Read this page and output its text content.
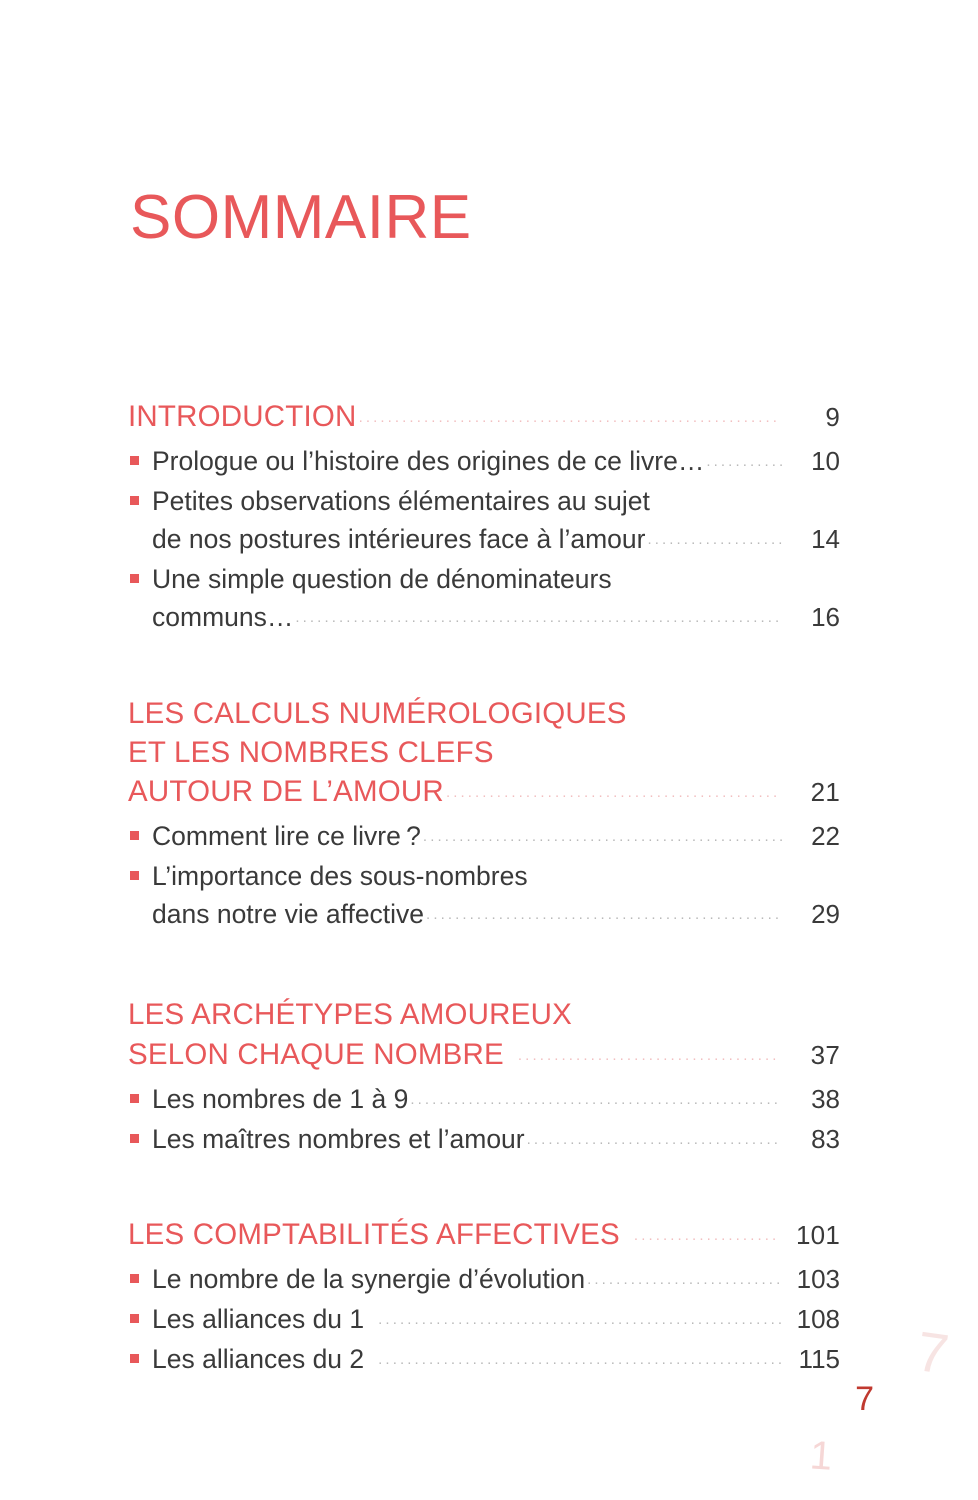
SOMMAIRE
INTRODUCTION .....	9
Prologue ou l’histoire des origines de ce livre… .....	10
Petites observations élémentaires au sujet
de nos postures intérieures face à l’amour .....	14
Une simple question de dénominateurs
communs… .....	16
LES CALCULS NUMÉROLOGIQUES
ET LES NOMBRES CLEFS
AUTOUR DE L’AMOUR .....	21
Comment lire ce livre ? .....	22
L’importance des sous-nombres
dans notre vie affective .....	29
LES ARCHÉTYPES AMOUREUX
SELON CHAQUE NOMBRE .....	37
Les nombres de 1 à 9 .....	38
Les maîtres nombres et l’amour .....	83
LES COMPTABILITÉS AFFECTIVES .....	101
Le nombre de la synergie d’évolution .....	103
Les alliances du 1 .....	108
Les alliances du 2 .....	115 7
1
7
